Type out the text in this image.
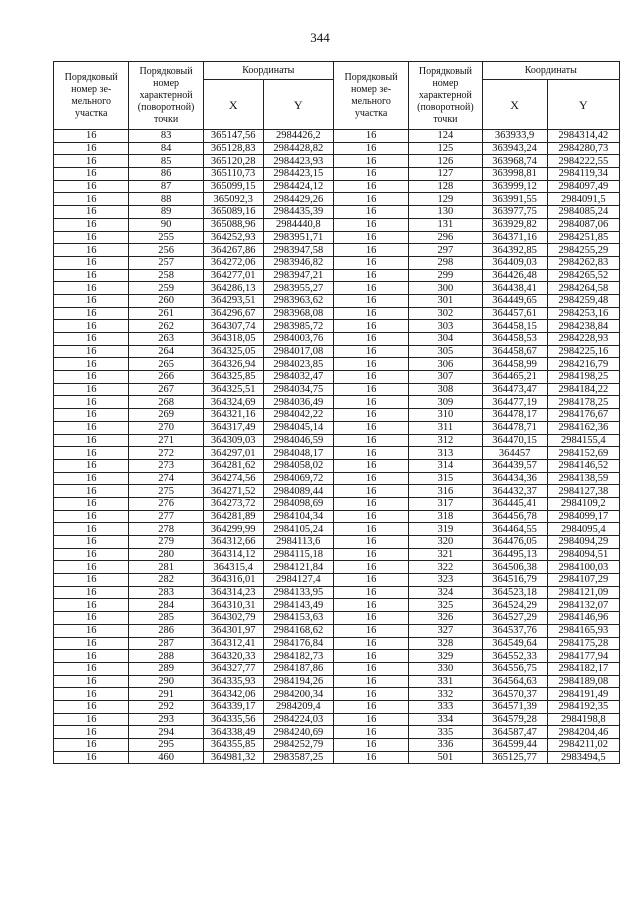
344
Порядковый номер зе-мельного участка	Порядковый номер характерной (поворотной) точки	Координаты		Порядковый номер зе-мельного участка	Порядковый номер характерной (поворотной) точки	Координаты	
		X	Y			X	Y
16	83	365147,56	2984426,2	16	124	363933,9	2984314,42
16	84	365128,83	2984428,82	16	125	363943,24	2984280,73
16	85	365120,28	2984423,93	16	126	363968,74	2984222,55
16	86	365110,73	2984423,15	16	127	363998,81	2984119,34
16	87	365099,15	2984424,12	16	128	363999,12	2984097,49
16	88	365092,3	2984429,26	16	129	363991,55	2984091,5
16	89	365089,16	2984435,39	16	130	363977,75	2984085,24
16	90	365088,96	2984440,8	16	131	363929,82	2984087,06
16	255	364252,93	2983951,71	16	296	364371,16	2984251,85
16	256	364267,86	2983947,58	16	297	364392,85	2984255,29
16	257	364272,06	2983946,82	16	298	364409,03	2984262,83
16	258	364277,01	2983947,21	16	299	364426,48	2984265,52
16	259	364286,13	2983955,27	16	300	364438,41	2984264,58
16	260	364293,51	2983963,62	16	301	364449,65	2984259,48
16	261	364296,67	2983968,08	16	302	364457,61	2984253,16
16	262	364307,74	2983985,72	16	303	364458,15	2984238,84
16	263	364318,05	2984003,76	16	304	364458,53	2984228,93
16	264	364325,05	2984017,08	16	305	364458,67	2984225,16
16	265	364326,94	2984023,85	16	306	364458,99	2984216,79
16	266	364325,85	2984032,47	16	307	364465,21	2984198,25
16	267	364325,51	2984034,75	16	308	364473,47	2984184,22
16	268	364324,69	2984036,49	16	309	364477,19	2984178,25
16	269	364321,16	2984042,22	16	310	364478,17	2984176,67
16	270	364317,49	2984045,14	16	311	364478,71	2984162,36
16	271	364309,03	2984046,59	16	312	364470,15	2984155,4
16	272	364297,01	2984048,17	16	313	364457	2984152,69
16	273	364281,62	2984058,02	16	314	364439,57	2984146,52
16	274	364274,56	2984069,72	16	315	364434,36	2984138,59
16	275	364271,52	2984089,44	16	316	364432,37	2984127,38
16	276	364273,72	2984098,69	16	317	364445,41	2984109,2
16	277	364281,89	2984104,34	16	318	364456,78	2984099,17
16	278	364299,99	2984105,24	16	319	364464,55	2984095,4
16	279	364312,66	2984113,6	16	320	364476,05	2984094,29
16	280	364314,12	2984115,18	16	321	364495,13	2984094,51
16	281	364315,4	2984121,84	16	322	364506,38	2984100,03
16	282	364316,01	2984127,4	16	323	364516,79	2984107,29
16	283	364314,23	2984133,95	16	324	364523,18	2984121,09
16	284	364310,31	2984143,49	16	325	364524,29	2984132,07
16	285	364302,79	2984153,63	16	326	364527,29	2984146,96
16	286	364301,97	2984168,62	16	327	364537,76	2984165,93
16	287	364312,41	2984176,84	16	328	364549,64	2984175,28
16	288	364320,33	2984182,73	16	329	364552,33	2984177,94
16	289	364327,77	2984187,86	16	330	364556,75	2984182,17
16	290	364335,93	2984194,26	16	331	364564,63	2984189,08
16	291	364342,06	2984200,34	16	332	364570,37	2984191,49
16	292	364339,17	2984209,4	16	333	364571,39	2984192,35
16	293	364335,56	2984224,03	16	334	364579,28	2984198,8
16	294	364338,49	2984240,69	16	335	364587,47	2984204,46
16	295	364355,85	2984252,79	16	336	364599,44	2984211,02
16	460	364981,32	2983587,25	16	501	365125,77	2983494,5
